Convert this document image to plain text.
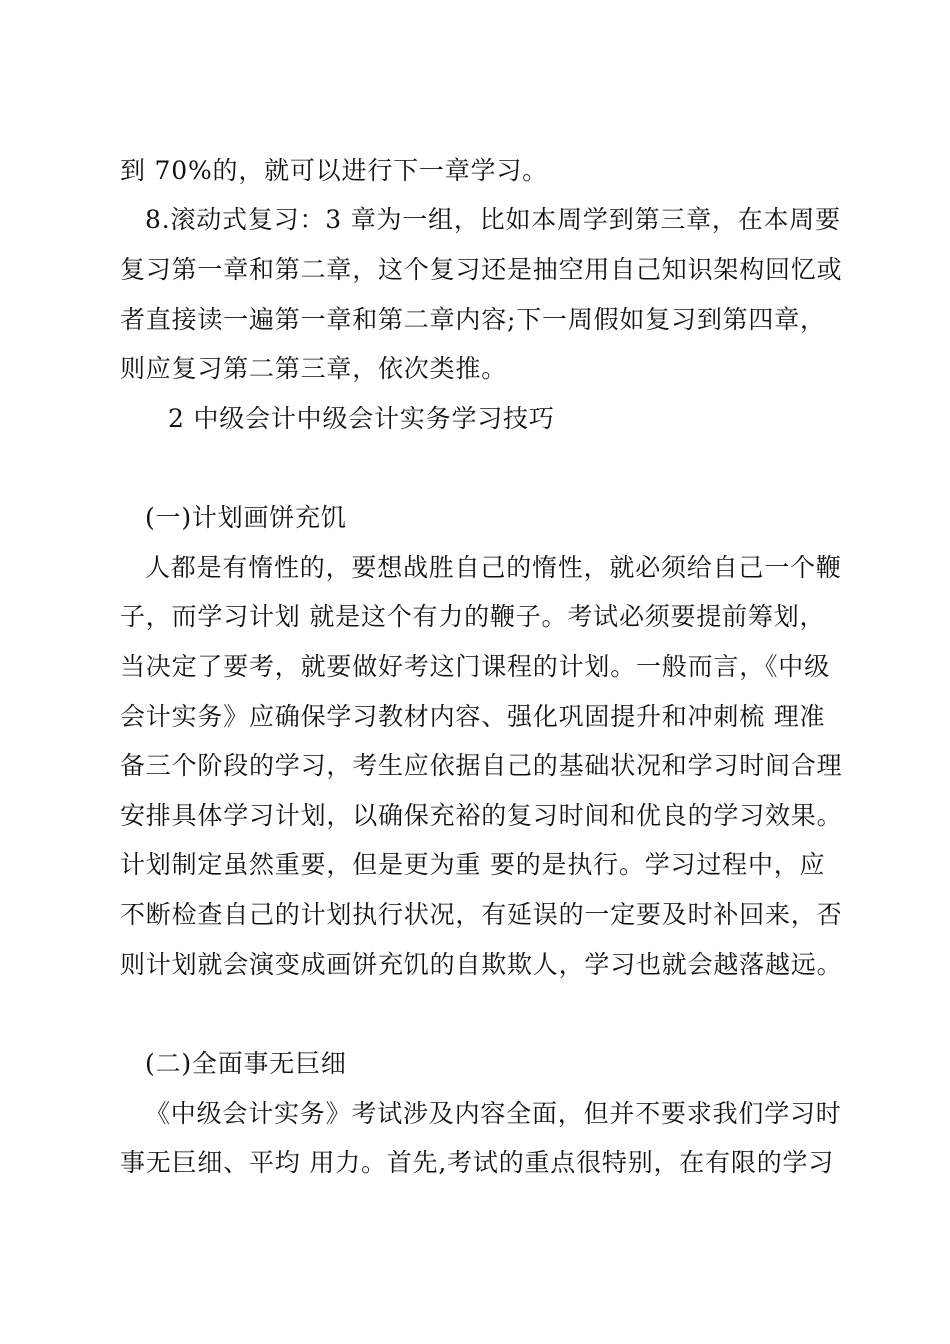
到 70%的，就可以进行下一章学习。
8.滚动式复习：3 章为一组，比如本周学到第三章，在本周要
复习第一章和第二章，这个复习还是抽空用自己知识架构回忆或
者直接读一遍第一章和第二章内容;下一周假如复习到第四章，
则应复习第二第三章，依次类推。
2 中级会计中级会计实务学习技巧
(一)计划画饼充饥
人都是有惰性的，要想战胜自己的惰性，就必须给自己一个鞭
子，而学习计划 就是这个有力的鞭子。考试必须要提前筹划，
当决定了要考，就要做好考这门课程的计划。一般而言，《中级
会计实务》应确保学习教材内容、强化巩固提升和冲刺梳 理准
备三个阶段的学习，考生应依据自己的基础状况和学习时间合理
安排具体学习计划，以确保充裕的复习时间和优良的学习效果。
计划制定虽然重要，但是更为重 要的是执行。学习过程中，应
不断检查自己的计划执行状况，有延误的一定要及时补回来，否
则计划就会演变成画饼充饥的自欺欺人，学习也就会越落越远。
(二)全面事无巨细
《中级会计实务》考试涉及内容全面，但并不要求我们学习时
事无巨细、平均 用力。首先,考试的重点很特别，在有限的学习
